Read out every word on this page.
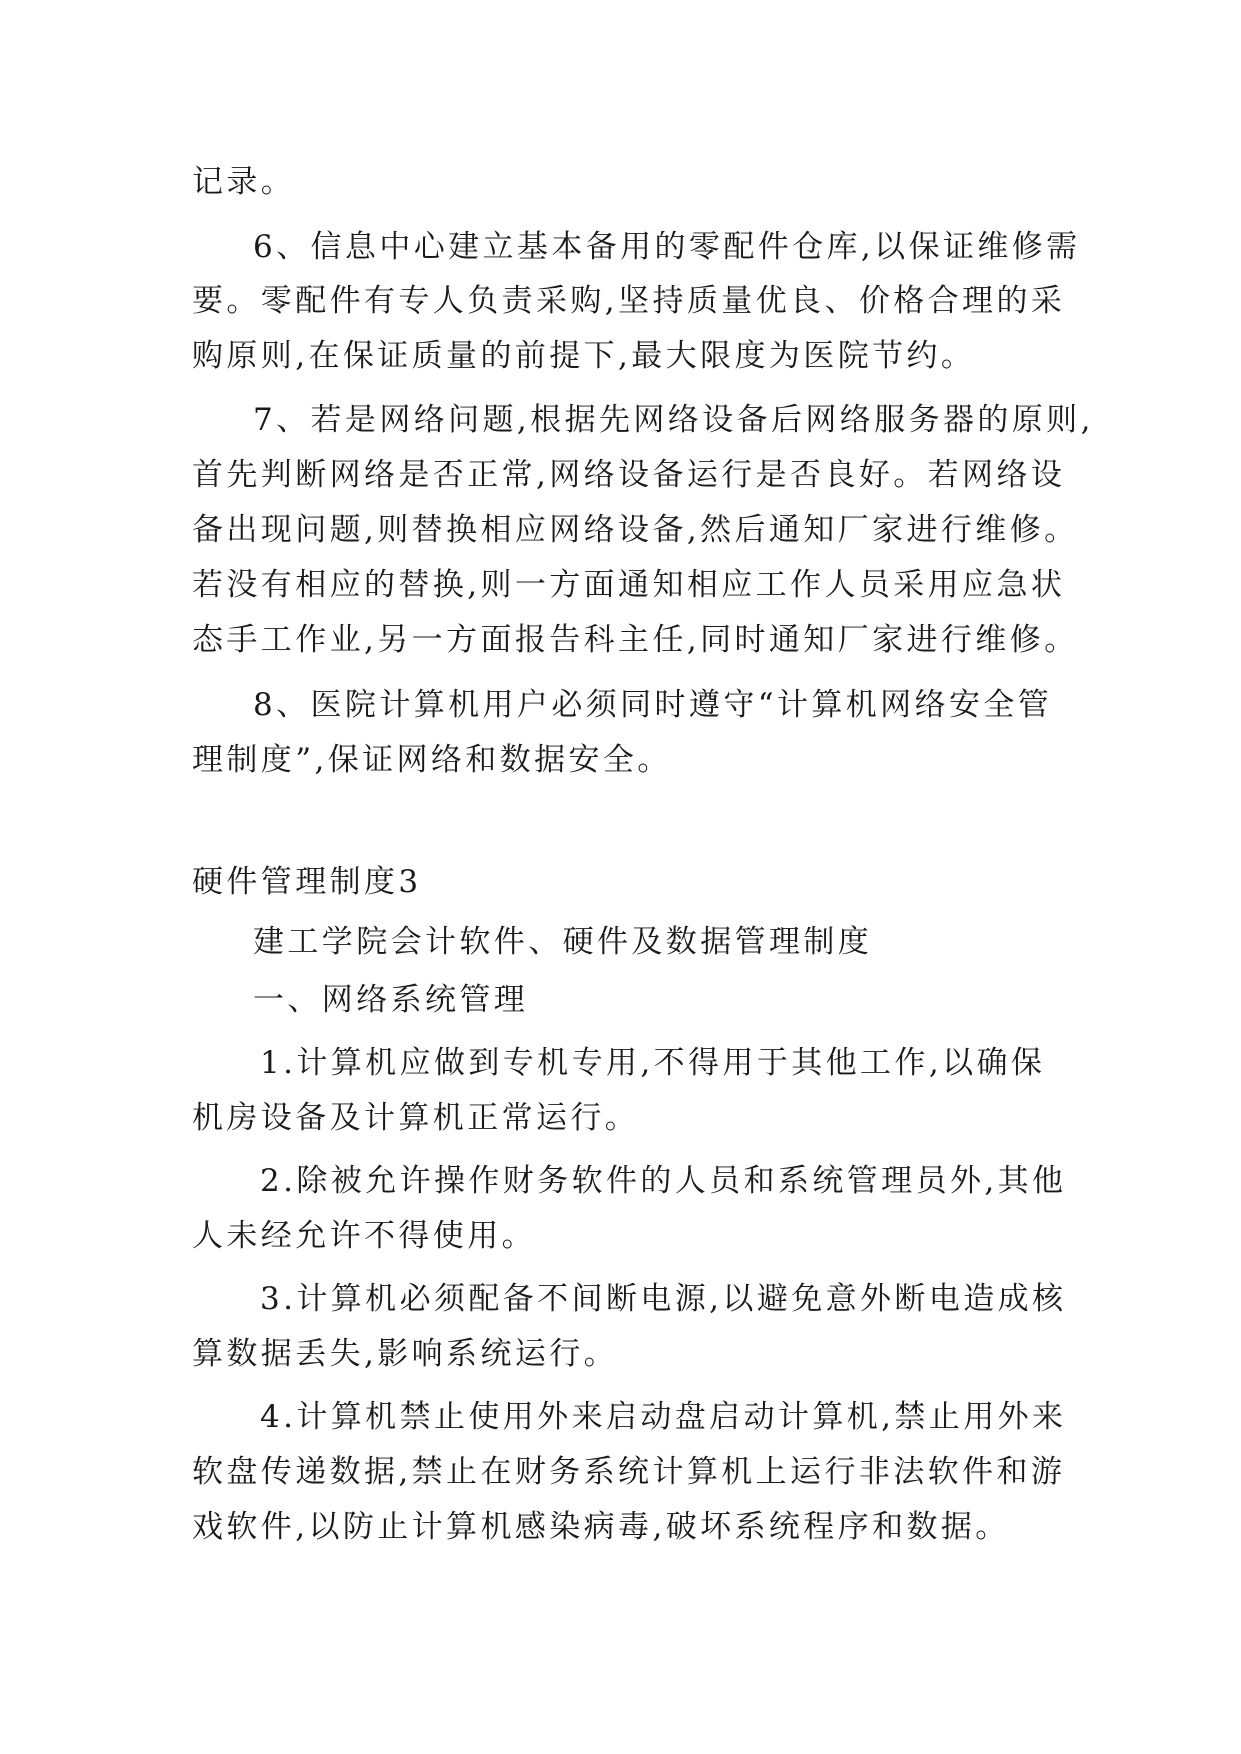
记录。
6、信息中心建立基本备用的零配件仓库,以保证维修需
要。零配件有专人负责采购,坚持质量优良、价格合理的采
购原则,在保证质量的前提下,最大限度为医院节约。
7、若是网络问题,根据先网络设备后网络服务器的原则,
首先判断网络是否正常,网络设备运行是否良好。若网络设
备出现问题,则替换相应网络设备,然后通知厂家进行维修。
若没有相应的替换,则一方面通知相应工作人员采用应急状
态手工作业,另一方面报告科主任,同时通知厂家进行维修。
8、医院计算机用户必须同时遵守“计算机网络安全管
理制度”,保证网络和数据安全。
硬件管理制度3
建工学院会计软件、硬件及数据管理制度
一、网络系统管理
1.计算机应做到专机专用,不得用于其他工作,以确保
机房设备及计算机正常运行。
2.除被允许操作财务软件的人员和系统管理员外,其他
人未经允许不得使用。
3.计算机必须配备不间断电源,以避免意外断电造成核
算数据丢失,影响系统运行。
4.计算机禁止使用外来启动盘启动计算机,禁止用外来
软盘传递数据,禁止在财务系统计算机上运行非法软件和游
戏软件,以防止计算机感染病毒,破坏系统程序和数据。
